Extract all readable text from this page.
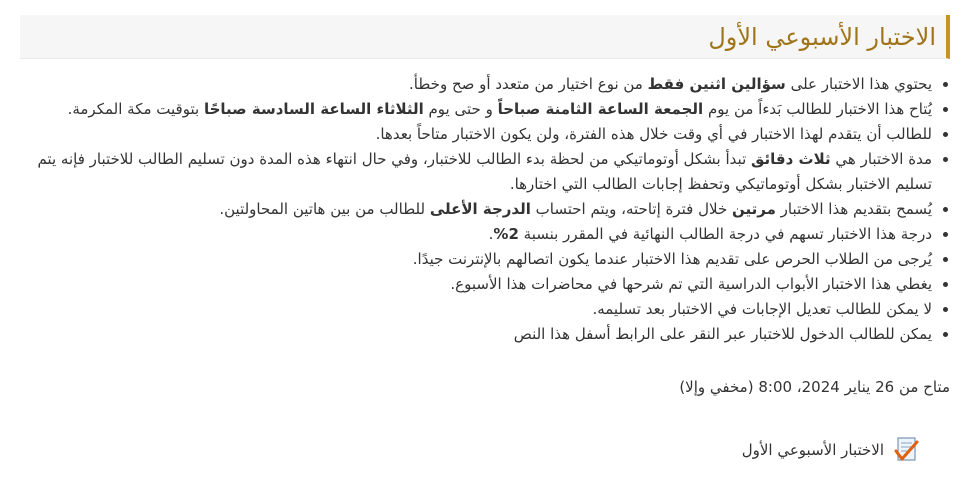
الاختبار الأسبوعي الأول
• يحتوي هذا الاختبار على سؤالين اثنين فقط من نوع اختيار من متعدد أو صح وخطأ.
• يُتاح هذا الاختبار للطالب بَدءاً من يوم الجمعة الساعة الثامنة صباحاً و حتى يوم الثلاثاء الساعة السادسة صباحًا بتوقيت مكة المكرمة.
• للطالب أن يتقدم لهذا الاختبار في أي وقت خلال هذه الفترة، ولن يكون الاختبار متاحاً بعدها.
• مدة الاختبار هي ثلاث دقائق تبدأ بشكل أوتوماتيكي من لحظة بدء الطالب للاختبار، وفي حال انتهاء هذه المدة دون تسليم الطالب للاختبار فإنه يتم تسليم الاختبار بشكل أوتوماتيكي وتحفظ إجابات الطالب التي اختارها.
• يُسمح بتقديم هذا الاختبار مرتين خلال فترة إتاحته، ويتم احتساب الدرجة الأعلى للطالب من بين هاتين المحاولتين.
• درجة هذا الاختبار تسهم في درجة الطالب النهائية في المقرر بنسبة 2%.
• يُرجى من الطلاب الحرص على تقديم هذا الاختبار عندما يكون اتصالهم بالإنترنت جيدًا.
• يغطي هذا الاختبار الأبواب الدراسية التي تم شرحها في محاضرات هذا الأسبوع.
• لا يمكن للطالب تعديل الإجابات في الاختبار بعد تسليمه.
• يمكن للطالب الدخول للاختبار عبر النقر على الرابط أسفل هذا النص
متاح من 26 يناير 2024، 8:00 (مخفي وإلا)
الاختبار الأسبوعي الأول
